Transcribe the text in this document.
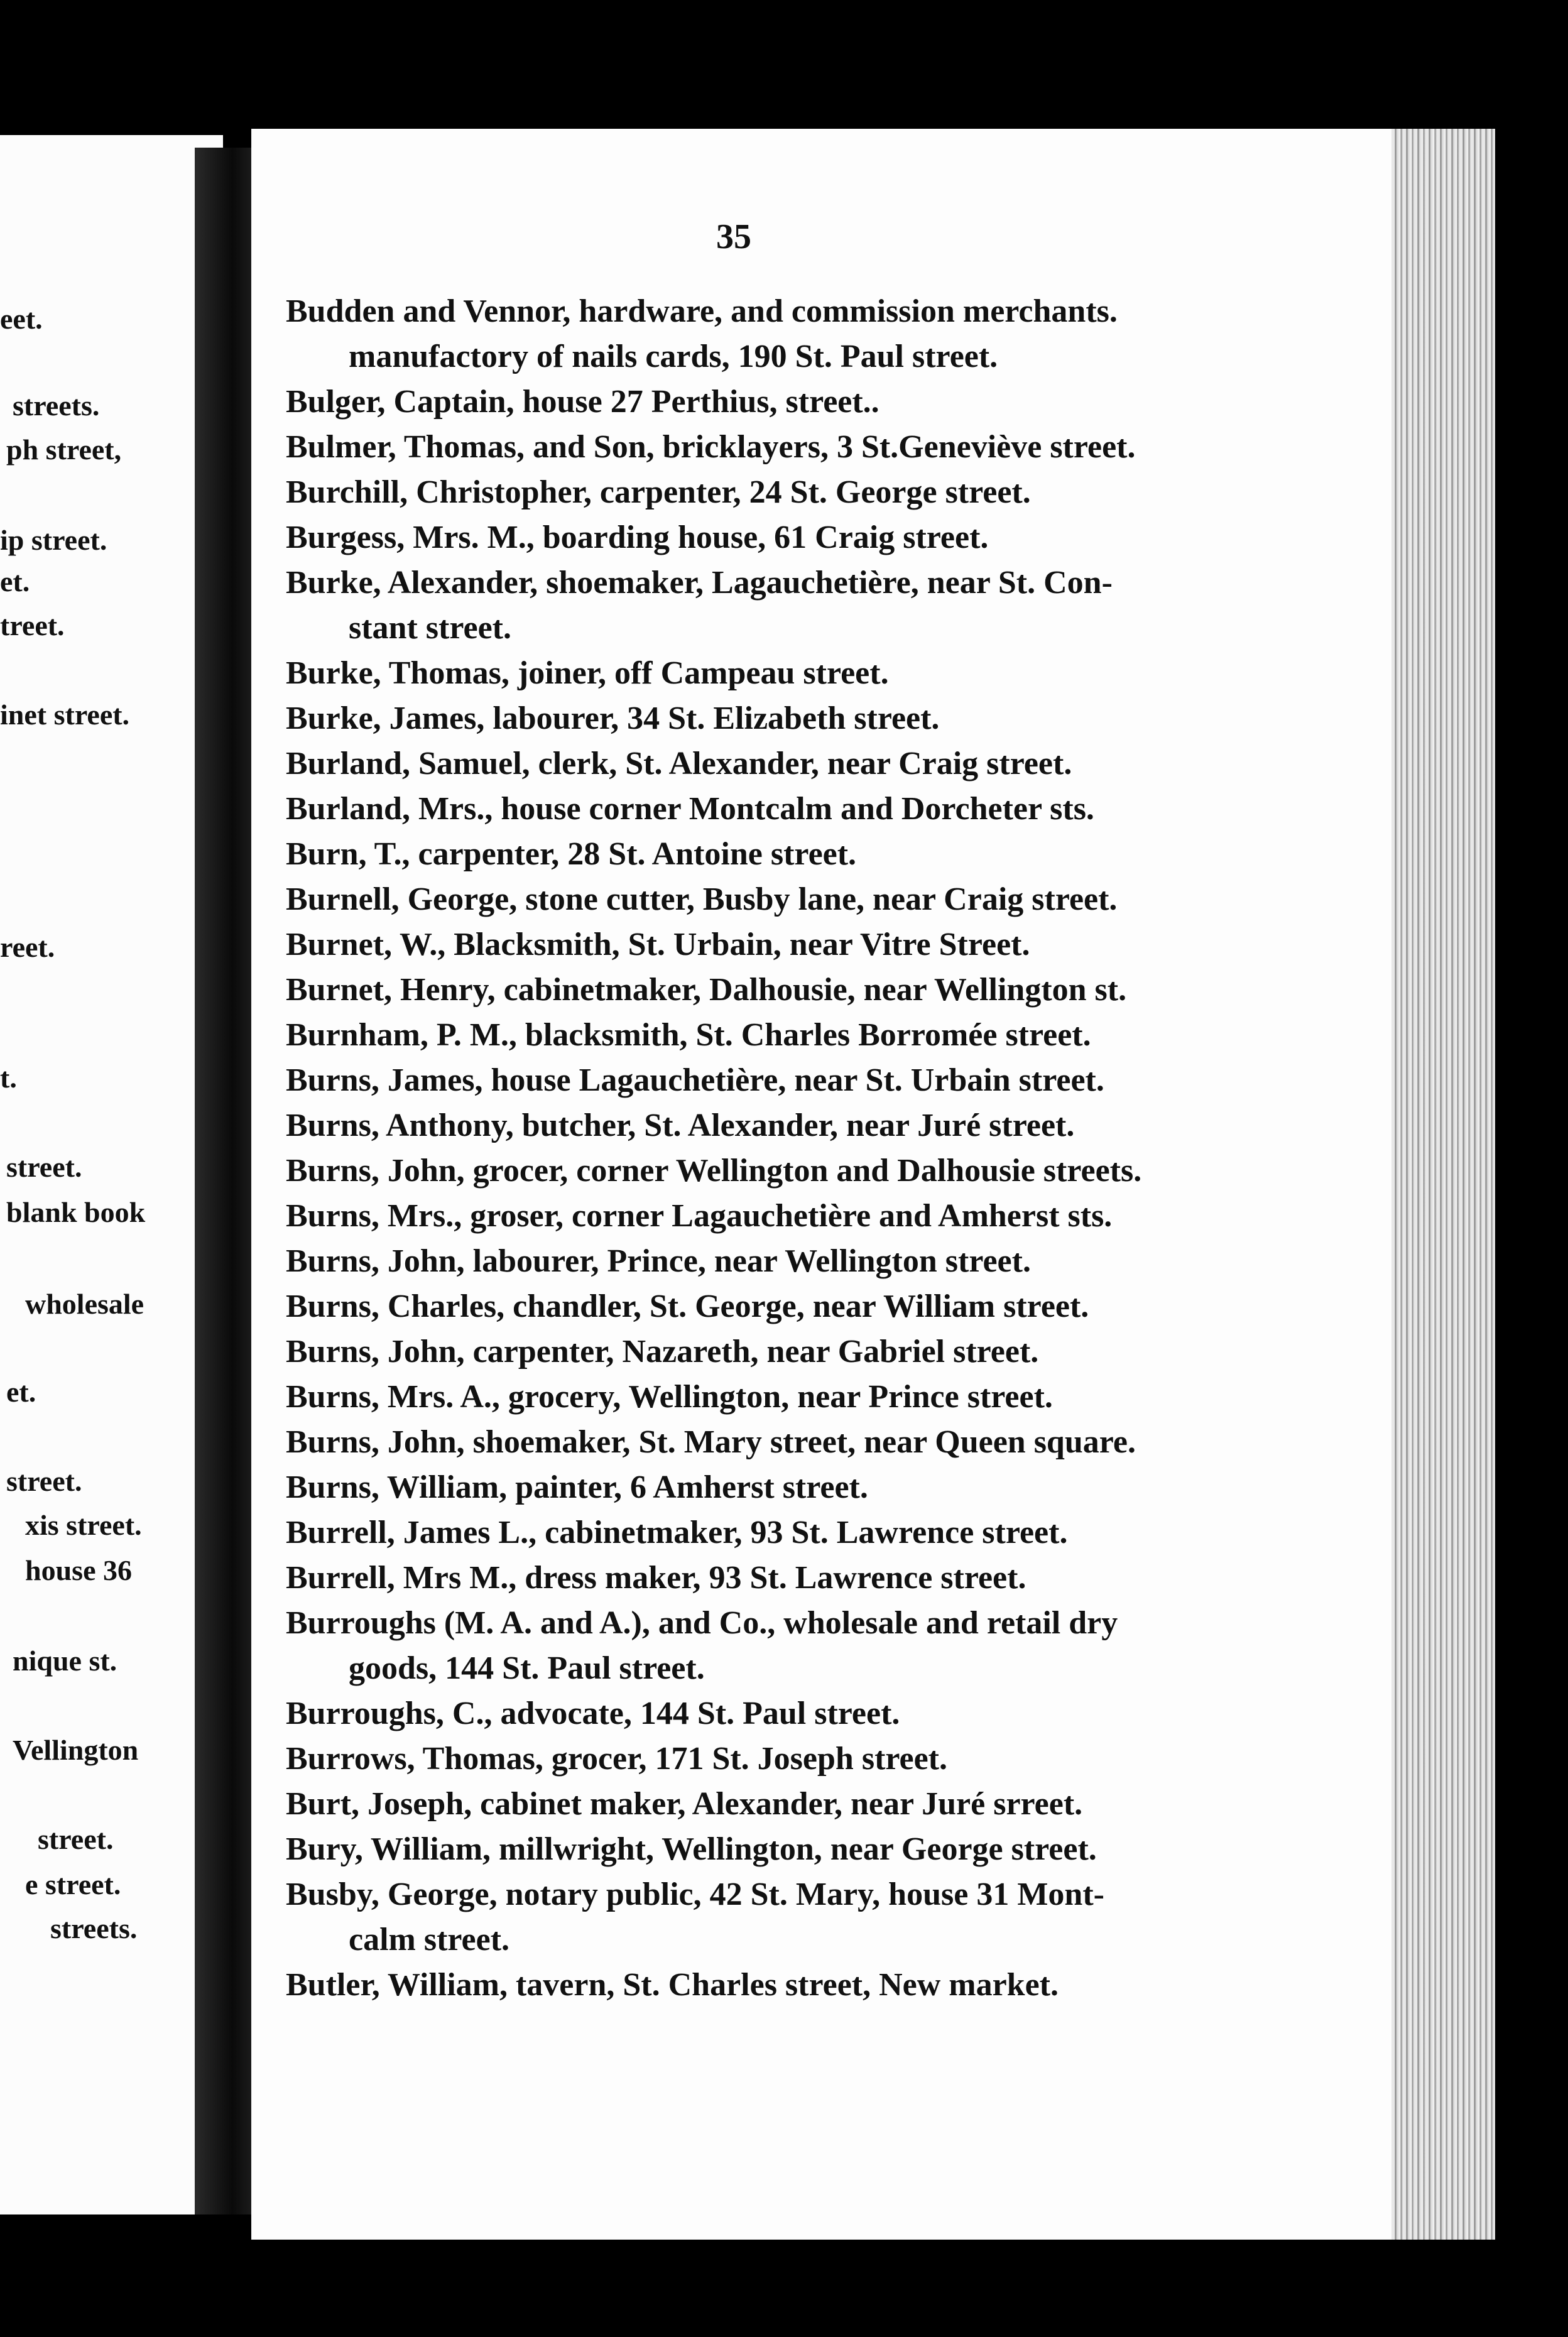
eet.
streets.
ph street,
ip street.
et.
treet.
inet street.
reet.
t.
street.
blank book
wholesale
et.
street.
xis street.
house 36
nique st.
Vellington
street.
e street.
streets.
35
Budden and Vennor, hardware, and commission merchants.
manufactory of nails cards, 190 St. Paul street.
Bulger, Captain, house 27 Perthius, street..
Bulmer, Thomas, and Son, bricklayers, 3 St.Geneviève street.
Burchill, Christopher, carpenter, 24 St. George street.
Burgess, Mrs. M., boarding house, 61 Craig street.
Burke, Alexander, shoemaker, Lagauchetière, near St. Con-
stant street.
Burke, Thomas, joiner, off Campeau street.
Burke, James, labourer, 34 St. Elizabeth street.
Burland, Samuel, clerk, St. Alexander, near Craig street.
Burland, Mrs., house corner Montcalm and Dorcheter sts.
Burn, T., carpenter, 28 St. Antoine street.
Burnell, George, stone cutter, Busby lane, near Craig street.
Burnet, W., Blacksmith, St. Urbain, near Vitre Street.
Burnet, Henry, cabinetmaker, Dalhousie, near Wellington st.
Burnham, P. M., blacksmith, St. Charles Borromée street.
Burns, James, house Lagauchetière, near St. Urbain street.
Burns, Anthony, butcher, St. Alexander, near Juré street.
Burns, John, grocer, corner Wellington and Dalhousie streets.
Burns, Mrs., groser, corner Lagauchetière and Amherst sts.
Burns, John, labourer, Prince, near Wellington street.
Burns, Charles, chandler, St. George, near William street.
Burns, John, carpenter, Nazareth, near Gabriel street.
Burns, Mrs. A., grocery, Wellington, near Prince street.
Burns, John, shoemaker, St. Mary street, near Queen square.
Burns, William, painter, 6 Amherst street.
Burrell, James L., cabinetmaker, 93 St. Lawrence street.
Burrell, Mrs M., dress maker, 93 St. Lawrence street.
Burroughs (M. A. and A.), and Co., wholesale and retail dry
goods, 144 St. Paul street.
Burroughs, C., advocate, 144 St. Paul street.
Burrows, Thomas, grocer, 171 St. Joseph street.
Burt, Joseph, cabinet maker, Alexander, near Juré srreet.
Bury, William, millwright, Wellington, near George street.
Busby, George, notary public, 42 St. Mary, house 31 Mont-
calm street.
Butler, William, tavern, St. Charles street, New market.
